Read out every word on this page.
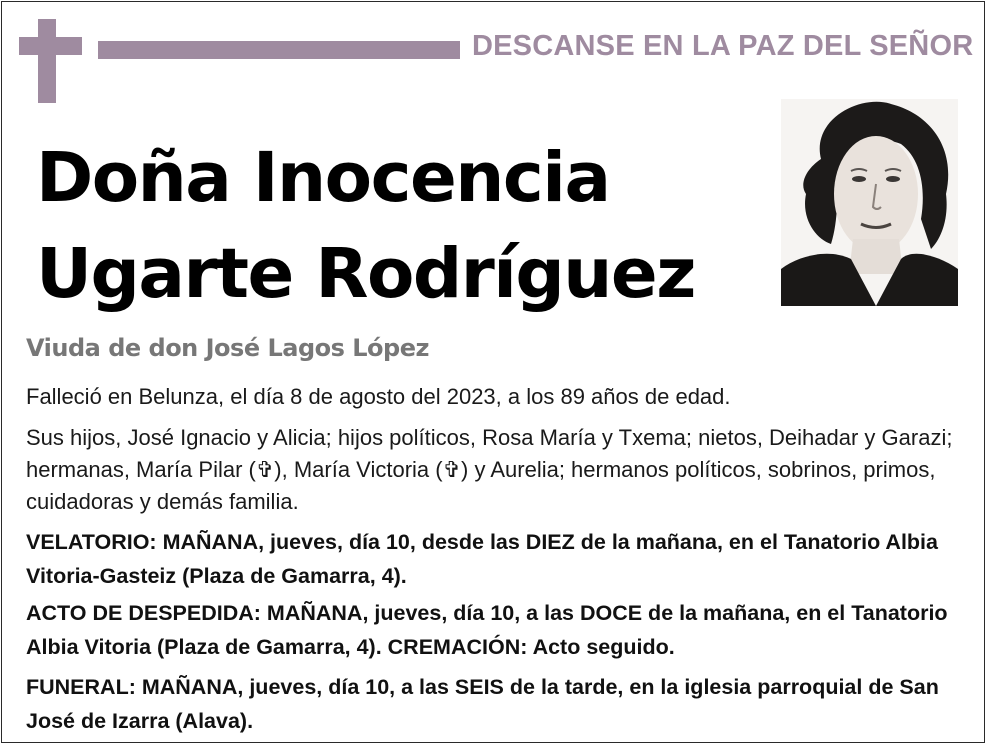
DESCANSE EN LA PAZ DEL SEÑOR
Doña Inocencia
Ugarte Rodríguez
Viuda de don José Lagos López
Falleció en Belunza, el día 8 de agosto del 2023, a los 89 años de edad.
Sus hijos, José Ignacio y Alicia; hijos políticos, Rosa María y Txema; nietos, Deihadar y Garazi; hermanas, María Pilar (✞), María Victoria (✞) y Aurelia; hermanos políticos, sobrinos, primos, cuidadoras y demás familia.
VELATORIO: MAÑANA, jueves, día 10, desde las DIEZ de la mañana, en el Tanatorio Albia Vitoria-Gasteiz (Plaza de Gamarra, 4).
ACTO DE DESPEDIDA: MAÑANA, jueves, día 10, a las DOCE de la mañana, en el Tanatorio Albia Vitoria (Plaza de Gamarra, 4). CREMACIÓN: Acto seguido.
FUNERAL: MAÑANA, jueves, día 10, a las SEIS de la tarde, en la iglesia parroquial de San José de Izarra (Alava).
